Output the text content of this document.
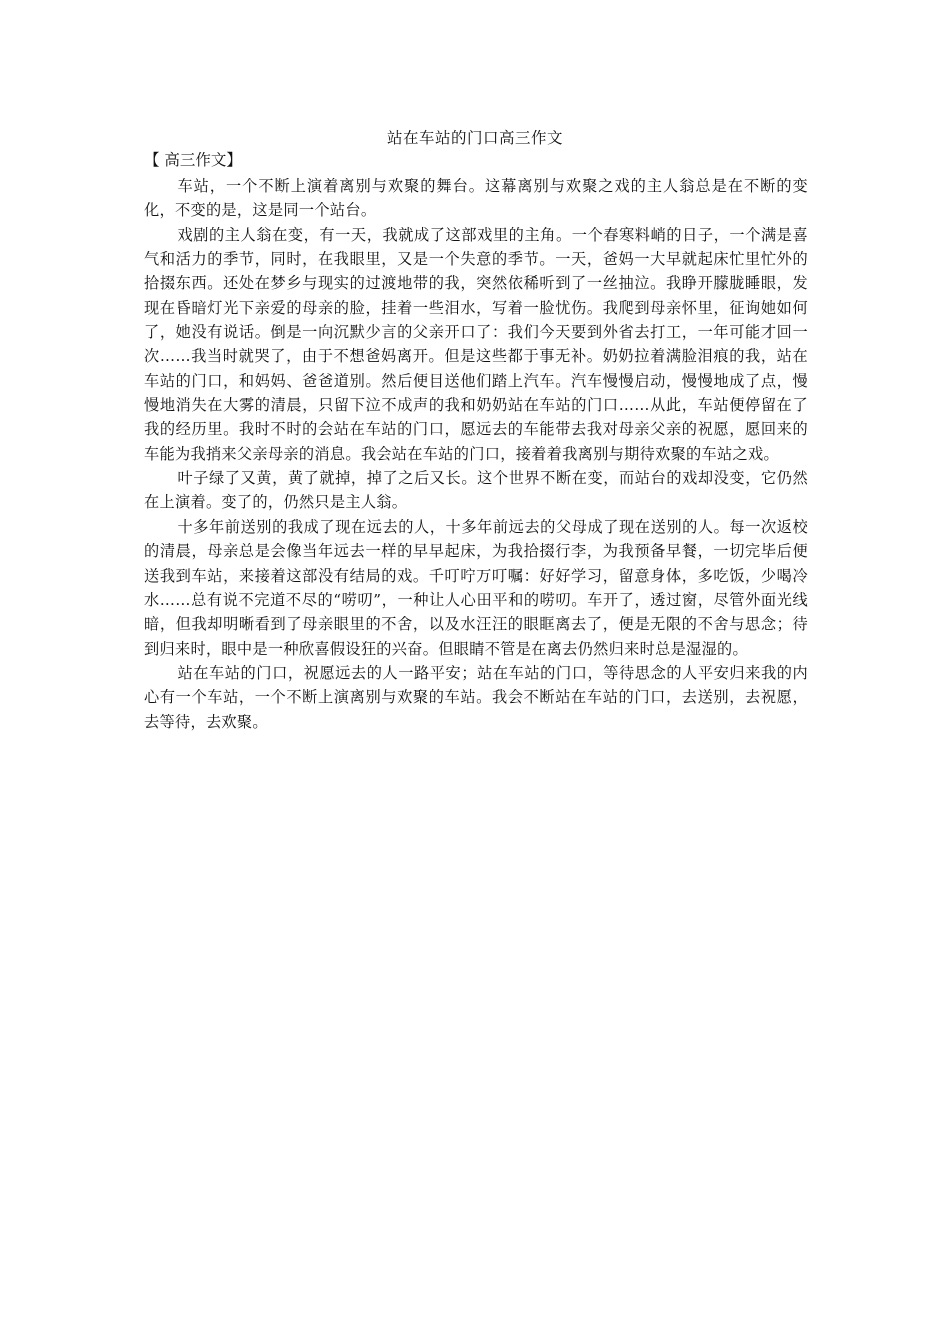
站在车站的门口高三作文
【 高三作文】

车站，一个不断上演着离别与欢聚的舞台。这幕离别与欢聚之戏的主人翁总是在不断的变化，不变的是，这是同一个站台。

戏剧的主人翁在变，有一天，我就成了这部戏里的主角。一个春寒料峭的日子，一个满是喜气和活力的季节，同时，在我眼里，又是一个失意的季节。一天，爸妈一大早就起床忙里忙外的拾掇东西。还处在梦乡与现实的过渡地带的我，突然依稀听到了一丝抽泣。我睁开朦胧睡眼，发现在昏暗灯光下亲爱的母亲的脸，挂着一些泪水，写着一脸忧伤。我爬到母亲怀里，征询她如何了，她没有说话。倒是一向沉默少言的父亲开口了：我们今天要到外省去打工，一年可能才回一次……我当时就哭了，由于不想爸妈离开。但是这些都于事无补。奶奶拉着满脸泪痕的我，站在车站的门口，和妈妈、爸爸道别。然后便目送他们踏上汽车。汽车慢慢启动，慢慢地成了点，慢慢地消失在大雾的清晨，只留下泣不成声的我和奶奶站在车站的门口……从此，车站便停留在了我的经历里。我时不时的会站在车站的门口，愿远去的车能带去我对母亲父亲的祝愿，愿回来的车能为我捎来父亲母亲的消息。我会站在车站的门口，接着着我离别与期待欢聚的车站之戏。

叶子绿了又黄，黄了就掉，掉了之后又长。这个世界不断在变，而站台的戏却没变，它仍然在上演着。变了的，仍然只是主人翁。

十多年前送别的我成了现在远去的人，十多年前远去的父母成了现在送别的人。每一次返校的清晨，母亲总是会像当年远去一样的早早起床，为我拾掇行李，为我预备早餐，一切完毕后便送我到车站，来接着这部没有结局的戏。千叮咛万叮嘱：好好学习，留意身体，多吃饭，少喝冷水……总有说不完道不尽的“唠叨”，一种让人心田平和的唠叨。车开了，透过窗，尽管外面光线暗，但我却明晰看到了母亲眼里的不舍，以及水汪汪的眼眶离去了，便是无限的不舍与思念；待到归来时，眼中是一种欣喜假设狂的兴奋。但眼睛不管是在离去仍然归来时总是湿湿的。

站在车站的门口，祝愿远去的人一路平安；站在车站的门口，等待思念的人平安归来我的内心有一个车站，一个不断上演离别与欢聚的车站。我会不断站在车站的门口，去送别，去祝愿，去等待，去欢聚。
